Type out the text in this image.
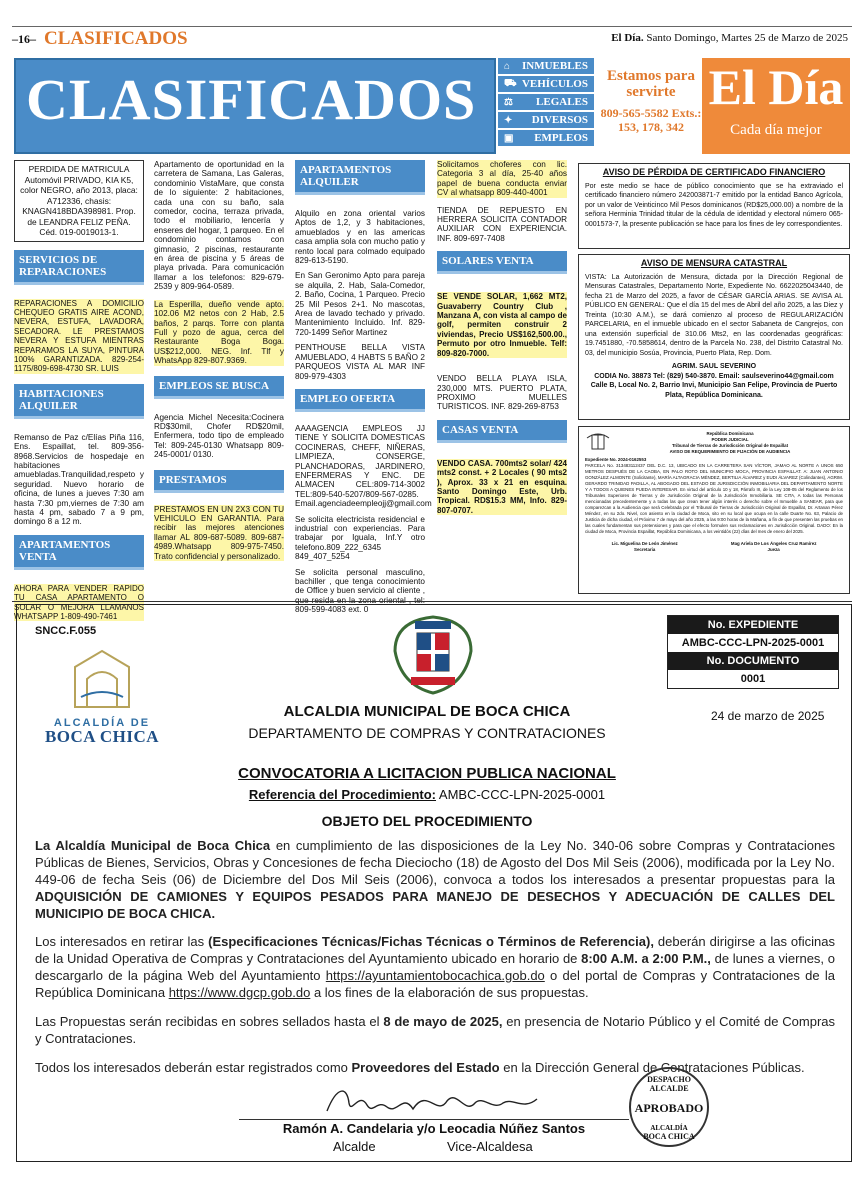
–16– CLASIFICADOS	El Día. Santo Domingo, Martes 25 de Marzo de 2025
CLASIFICADOS
⌂ INMUEBLES
⛟ VEHÍCULOS
⚖ LEGALES
✦ DIVERSOS
▣ EMPLEOS
Estamos para servirte
809-565-5582 Exts.: 153, 178, 342
El Día
Cada día mejor
PERDIDA DE MATRICULA Automóvil PRIVADO, KIA K5, color NEGRO, año 2013, placa: A712336, chasis: KNAGN418BDA398981. Prop. de LEANDRA FELIZ PEÑA. Céd. 019-0019013-1.
SERVICIOS DE REPARACIONES
REPARACIONES A DOMICILIO CHEQUEO GRATIS AIRE ACOND, NEVERA, ESTUFA, LAVADORA, SECADORA. LE PRESTAMOS NEVERA Y ESTUFA MIENTRAS REPARAMOS LA SUYA, PINTURA 100% GARANTIZADA. 829-254-1175/809-698-4730 SR. LUIS
HABITACIONES ALQUILER
Remanso de Paz c/Elías Piña 116, Ens. Espaillat, tel. 809-356-8968.Servicios de hospedaje en habitaciones amuebladas.Tranquilidad,respeto y seguridad. Nuevo horario de oficina, de lunes a jueves 7:30 am hasta 7:30 pm,viernes de 7:30 am hasta 4 pm, sabado 7 a 9 pm, domingo 8 a 12 m.
APARTAMENTOS VENTA
AHORA PARA VENDER RAPIDO TU CASA APARTAMENTO O SOLAR O MEJORA LLAMANOS WHATSAPP 1-809-490-7461
Apartamento de oportunidad en la carretera de Samana, Las Galeras, condominio VistaMare, que consta de lo siguiente: 2 habitaciones, cada una con su baño, sala comedor, cocina, terraza privada, todo el mobiliario, lencería y enseres del hogar, 1 parqueo. En el condominio contamos con gimnasio, 2 piscinas, restaurante en área de piscina y 5 áreas de playa privada. Para comunicación llamar a los telefonos: 829-679-2539 y 809-964-0589.
La Esperilla, dueño vende apto. 102.06 M2 netos con 2 Hab, 2.5 baños, 2 parqs. Torre con planta Full y pozo de agua, cerca del Restaurante Boga Boga. US$212,000. NEG. Inf. Tlf y WhatsApp 829-807.9369.
EMPLEOS SE BUSCA
Agencia Michel Necesita:Cocinera RD$30mil, Chofer RD$20mil, Enfermera, todo tipo de empleado Tel: 809-245-0130 Whatsapp 809-245-0001/ 0130.
PRESTAMOS
PRESTAMOS EN UN 2X3 CON TU VEHICULO EN GARANTIA. Para recibir las mejores atenciones llamar AL 809-687-5089. 809-687-4989.Whatsapp 809-975-7450. Trato confidencial y personalizado.
APARTAMENTOS ALQUILER
Alquilo en zona oriental varios Aptos de 1,2, y 3 habitaciones, amueblados y en las americas casa amplia sola con mucho patio y rento local para colmado equipado 829-613-5190.
En San Geronimo Apto para pareja se alquila, 2. Hab, Sala-Comedor, 2. Baño, Cocina, 1 Parqueo. Precio 25 Mil Pesos 2+1. No mascotas, Area de lavado techado y privado. Mantenimiento Incluido. Inf. 829-720-1499 Señor Martinez
PENTHOUSE BELLA VISTA AMUEBLADO, 4 HABTS 5 BAÑO 2 PARQUEOS VISTA AL MAR INF 809-979-4303
EMPLEO OFERTA
AAAAGENCIA EMPLEOS JJ TIENE Y SOLICITA DOMESTICAS COCINERAS, CHEFF, NIÑERAS, LIMPIEZA, CONSERGE, PLANCHADORAS, JARDINERO, ENFERMERAS Y ENC. DE ALMACEN CEL:809-714-3002 TEL:809-540-5207/809-567-0285. Email.agenciadeempleojj@gmail.com
Se solicita electricista residencial e industrial con experiencias. Para trabajar por Iguala, Inf.Y otro telefono.809_222_6345 849_407_5254
Se solicita personal masculino, bachiller , que tenga conocimiento de Office y buen servicio al cliente , que resida en la zona oriental , tel: 809-599-4083 ext. 0
Solicitamos choferes con lic. Categoria 3 al día, 25-40 años papel de buena conducta enviar CV al whatsapp 809-440-4001
TIENDA DE REPUESTO EN HERRERA SOLICITA CONTADOR AUXILIAR CON EXPERIENCIA. INF. 809-697-7408
SOLARES VENTA
SE VENDE SOLAR, 1,662 MT2, Guavaberry Country Club , Manzana A, con vista al campo de golf, permiten construir 2 viviendas, Precio US$162,500.00., Permuto por otro Inmueble. Telf: 809-820-7000.
VENDO BELLA PLAYA ISLA, 230,000 MTS. PUERTO PLATA, PROXIMO MUELLES TURISTICOS. INF. 829-269-8753
CASAS VENTA
VENDO CASA. 700mts2 solar/ 424 mts2 const. + 2 Locales ( 90 mts2 ), Aprox. 33 x 21 en esquina. Santo Domingo Este, Urb. Tropical. RD$15.3 MM, Info. 829-807-0707.
AVISO DE PÉRDIDA DE CERTIFICADO FINANCIERO
Por este medio se hace de público conocimiento que se ha extraviado el certificado financiero número 242003871-7 emitido por la entidad Banco Agrícola, por un valor de Veinticinco Mil Pesos dominicanos (RD$25,000.00) a nombre de la señora Herminia Trinidad titular de la cédula de identidad y electoral número 065-0001573-7, la presente publicación se hace para los fines de ley correspondientes.
AVISO DE MENSURA CATASTRAL
VISTA: La Autorización de Mensura, dictada por la Dirección Regional de Mensuras Catastrales, Departamento Norte, Expediente No. 6622025043440, de fecha 21 de Marzo del 2025, a favor de CÉSAR GARCÍA ARIAS. SE AVISA AL PÚBLICO EN GENERAL: Que el día 15 del mes de Abril del año 2025, a las Diez y Treinta (10:30 A.M.), se dará comienzo al proceso de REGULARIZACIÓN PARCELARIA, en el inmueble ubicado en el sector Sabaneta de Cangrejos, con una extensión superficial de 310.06 Mts2, en las coordenadas geográficas: 19.7451880, -70.5858614, dentro de la Parcela No. 238, del Distrito Catastral No. 03, del municipio Sosúa, Provincia, Puerto Plata, Rep. Dom.
AGRIM. SAUL SEVERINO
CODIA No. 38873 Tel: (829) 540-3870. Email: saulseverino44@gmail.com
Calle B, Local No. 2, Barrio Invi, Municipio San Felipe, Provincia de Puerto Plata, República Dominicana.
República Dominicana
PODER JUDICIAL
Tribunal de Tierras de Jurisdicción Original de Espaillat
AVISO DE REQUERIMIENTO DE FIJACIÓN DE AUDIENCIA
Expediente No. 2024-0162553
PARCELA No. 313483112437 DEL D.C. 13, UBICADO EN LA CARRETERA SAN VÍCTOR, JAMAO AL NORTE A UNOS 650 METROS DESPUÉS DE LA CAOBA, EN PALO ROTO DEL MUNICIPIO MOCA, PROVINCIA ESPAILLAT. A: JUAN ANTONIO GONZÁLEZ ALMONTE (Solicitante), MARÍA ALTAGRACIA MÉNDEZ, BERTILIA ÁLVAREZ y EUDI ÁLVAREZ (Colindantes), AGRIM. GERARDO TRINIDAD PADILLA, AL ABOGADO DEL ESTADO DE JURISDICCIÓN INMOBILIARIA DEL DEPARTAMENTO NORTE Y A TODOS A QUIENES PUEDA INTERESAR. En virtud del artículo 10 y 18, Párrafo III, de la Ley 108-05 del Reglamento de los Tribunales Superiores de Tierras y de Jurisdicción Original de la Jurisdicción Inmobiliaria. SE CITA, A todas las Personas mencionadas precedentemente y a todas las que crean tener algún interés o derecho sobre el Inmueble a SANEAR, para que comparezcan a la Audiencia que será Celebrada por el Tribunal de Tierras de Jurisdicción Original de Espaillat, Dr. Artanan Pérez Méndez, en su 2do. Nivel, con asiento en la ciudad de Moca, sito en su local que ocupa en la calle Duarte No. 63, Palacio de Justicia de dicha ciudad, el Próximo 7 de mayo del año 2025, a las 9:00 horas de la Mañana, a fin de que presenten las pruebas en las cuales fundamentan sus pretensiones y para que el efecto formulen sus reclamaciones en Jurisdicción Original. DADO: En la ciudad de Moca, Provincia Espaillat, República Dominicana, a los veintidós (22) días del mes de enero del 2025.
Lic. Miguelina De León Jiménez
Secretaria
Mag Ariela De Los Ángeles Cruz Ramírez
Jueza
SNCC.F.055
ALCALDÍA DE
BOCA CHICA
No. EXPEDIENTE
AMBC-CCC-LPN-2025-0001
No. DOCUMENTO
0001
24 de marzo de 2025
ALCALDIA MUNICIPAL DE BOCA CHICA
DEPARTAMENTO DE COMPRAS Y CONTRATACIONES
CONVOCATORIA A LICITACION PUBLICA NACIONAL
Referencia del Procedimiento: AMBC-CCC-LPN-2025-0001
OBJETO DEL PROCEDIMIENTO
La Alcaldía Municipal de Boca Chica en cumplimiento de las disposiciones de la Ley No. 340-06 sobre Compras y Contrataciones Públicas de Bienes, Servicios, Obras y Concesiones de fecha Dieciocho (18) de Agosto del Dos Mil Seis (2006), modificada por la Ley No. 449-06 de fecha Seis (06) de Diciembre del Dos Mil Seis (2006), convoca a todos los interesados a presentar propuestas para la ADQUISICIÓN DE CAMIONES Y EQUIPOS PESADOS PARA MANEJO DE DESECHOS Y ADECUACIÓN DE CALLES DEL MUNICIPIO DE BOCA CHICA.
Los interesados en retirar las (Especificaciones Técnicas/Fichas Técnicas o Términos de Referencia), deberán dirigirse a las oficinas de la Unidad Operativa de Compras y Contrataciones del Ayuntamiento ubicado en horario de 8:00 A.M. a 2:00 P.M., de lunes a viernes, o descargarlo de la página Web del Ayuntamiento https://ayuntamientobocachica.gob.do o del portal de Compras y Contrataciones de la República Dominicana https://www.dgcp.gob.do a los fines de la elaboración de sus propuestas.
Las Propuestas serán recibidas en sobres sellados hasta el 8 de mayo de 2025, en presencia de Notario Público y el Comité de Compras y Contrataciones.
Todos los interesados deberán estar registrados como Proveedores del Estado en la Dirección General de Contrataciones Públicas.
Ramón A. Candelaria y/o Leocadia Núñez Santos
Alcalde	Vice-Alcaldesa
DESPACHO ALCALDE
APROBADO
ALCALDÍA
BOCA CHICA
